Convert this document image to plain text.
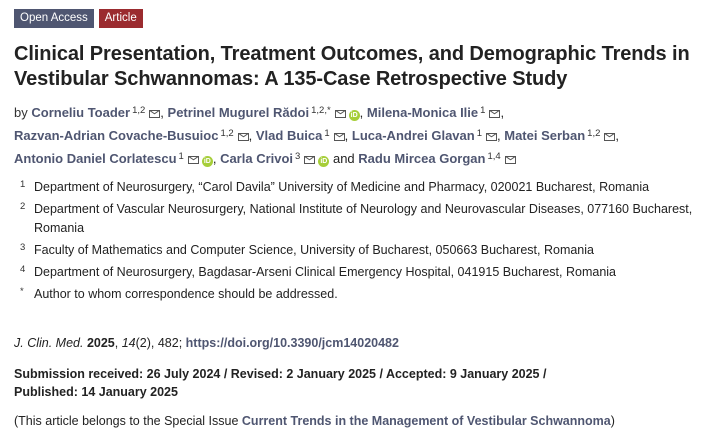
Open Access	Article
Clinical Presentation, Treatment Outcomes, and Demographic Trends in Vestibular Schwannomas: A 135-Case Retrospective Study
by Corneliu Toader $^{1,2}$ , Petrinel Mugurel Rădoi $^{1,2,*}$	iD , Milena-Monica Ilie $^1$ ,
Razvan-Adrian Covache-Busuioc $^{1,2}$ , Vlad Buica $^1$ , Luca-Andrei Glavan $^1$ , Matei Serban $^{1,2}$ ,
Antonio Daniel Corlatescu $^1$	iD , Carla Crivoi $^3$	iD and Radu Mircea Gorgan $^{1,4}$
1 Department of Neurosurgery, “Carol Davila” University of Medicine and Pharmacy, 020021 Bucharest, Romania
2 Department of Vascular Neurosurgery, National Institute of Neurology and Neurovascular Diseases, 077160 Bucharest, Romania
3 Faculty of Mathematics and Computer Science, University of Bucharest, 050663 Bucharest, Romania
4 Department of Neurosurgery, Bagdasar-Arseni Clinical Emergency Hospital, 041915 Bucharest, Romania
* Author to whom correspondence should be addressed.
J. Clin. Med. 2025, 14(2), 482; https://doi.org/10.3390/jcm14020482
Submission received: 26 July 2024 / Revised: 2 January 2025 / Accepted: 9 January 2025 /
Published: 14 January 2025
(This article belongs to the Special Issue Current Trends in the Management of Vestibular Schwannoma)
